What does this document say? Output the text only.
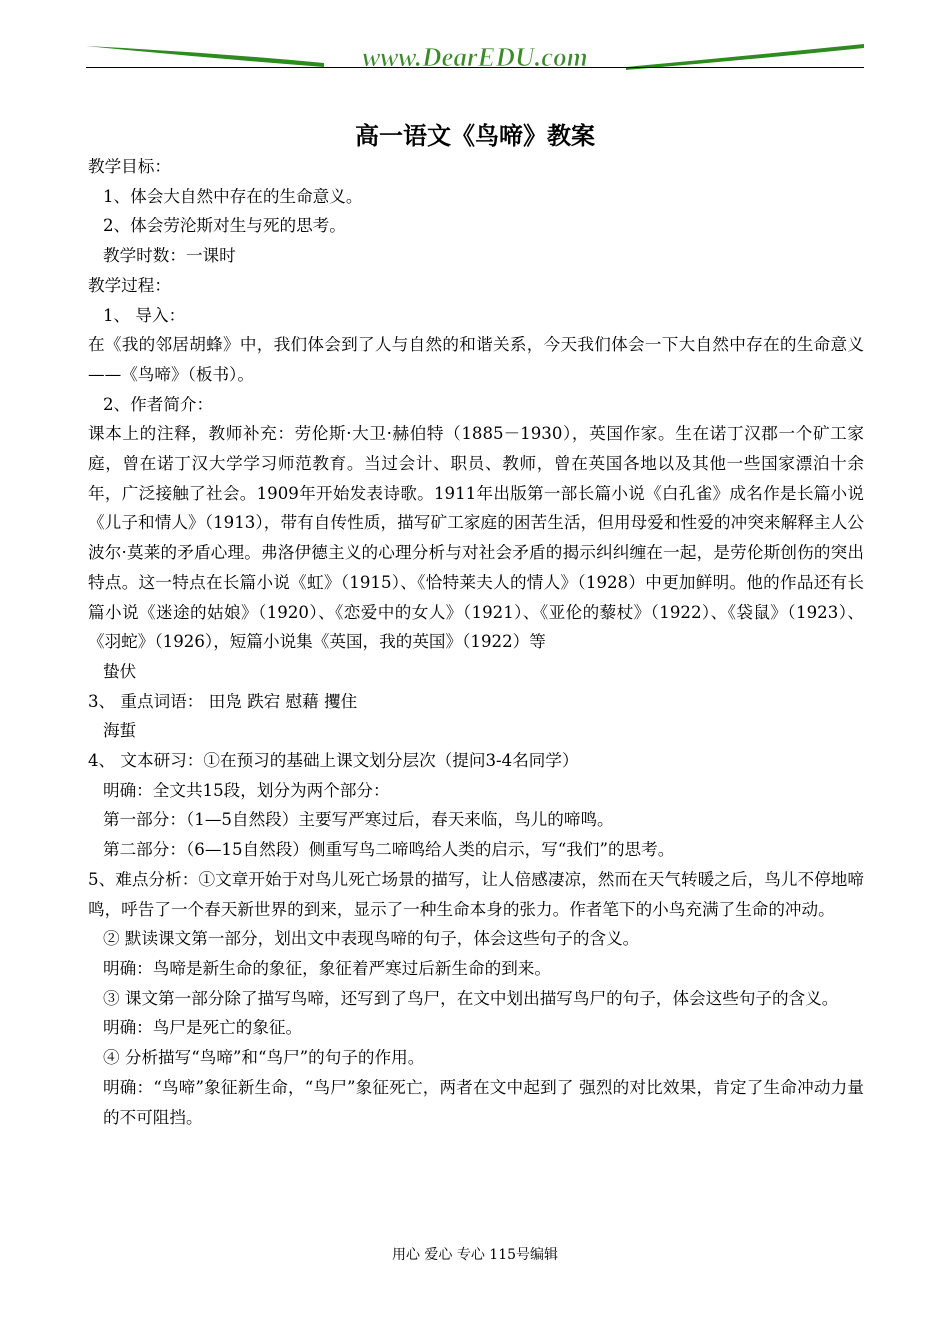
www.DearEDU.com
高一语文《鸟啼》教案

教学目标：

1、体会大自然中存在的生命意义。

2、体会劳沦斯对生与死的思考。

教学时数：一课时

教学过程：

1、 导入：

在《我的邻居胡蜂》中，我们体会到了人与自然的和谐关系，今天我们体会一下大自然中存在的生命意义——《鸟啼》（板书）。

2、作者简介：

课本上的注释，教师补充：劳伦斯·大卫·赫伯特（1885－1930），英国作家。生在诺丁汉郡一个矿工家庭，曾在诺丁汉大学学习师范教育。当过会计、职员、教师，曾在英国各地以及其他一些国家漂泊十余年，广泛接触了社会。1909年开始发表诗歌。1911年出版第一部长篇小说《白孔雀》成名作是长篇小说《儿子和情人》（1913），带有自传性质，描写矿工家庭的困苦生活，但用母爱和性爱的冲突来解释主人公波尔·莫莱的矛盾心理。弗洛伊德主义的心理分析与对社会矛盾的揭示纠纠缠在一起，是劳伦斯创伤的突出特点。这一特点在长篇小说《虹》（1915）、《恰特莱夫人的情人》（1928）中更加鲜明。他的作品还有长篇小说《迷途的姑娘》（1920）、《恋爱中的女人》（1921）、《亚伦的藜杖》（1922）、《袋鼠》（1923）、《羽蛇》（1926），短篇小说集《英国，我的英国》（1922）等

蛰伏

3、 重点词语： 田凫 跌宕 慰藉 攫住

海蜇

4、 文本研习：①在预习的基础上课文划分层次（提问3-4名同学）

明确：全文共15段，划分为两个部分：

第一部分：（1—5自然段）主要写严寒过后，春天来临，鸟儿的啼鸣。

第二部分：（6—15自然段）侧重写鸟二啼鸣给人类的启示，写“我们”的思考。

5、难点分析：①文章开始于对鸟儿死亡场景的描写，让人倍感凄凉，然而在天气转暖之后，鸟儿不停地啼鸣，呼告了一个春天新世界的到来，显示了一种生命本身的张力。作者笔下的小鸟充满了生命的冲动。

② 默读课文第一部分，划出文中表现鸟啼的句子，体会这些句子的含义。

明确：鸟啼是新生命的象征，象征着严寒过后新生命的到来。

③ 课文第一部分除了描写鸟啼，还写到了鸟尸，在文中划出描写鸟尸的句子，体会这些句子的含义。

明确：鸟尸是死亡的象征。

④ 分析描写“鸟啼”和“鸟尸”的句子的作用。

明确：“鸟啼”象征新生命，“鸟尸”象征死亡，两者在文中起到了 强烈的对比效果，肯定了生命冲动力量的不可阻挡。

用心 爱心 专心 115号编辑
